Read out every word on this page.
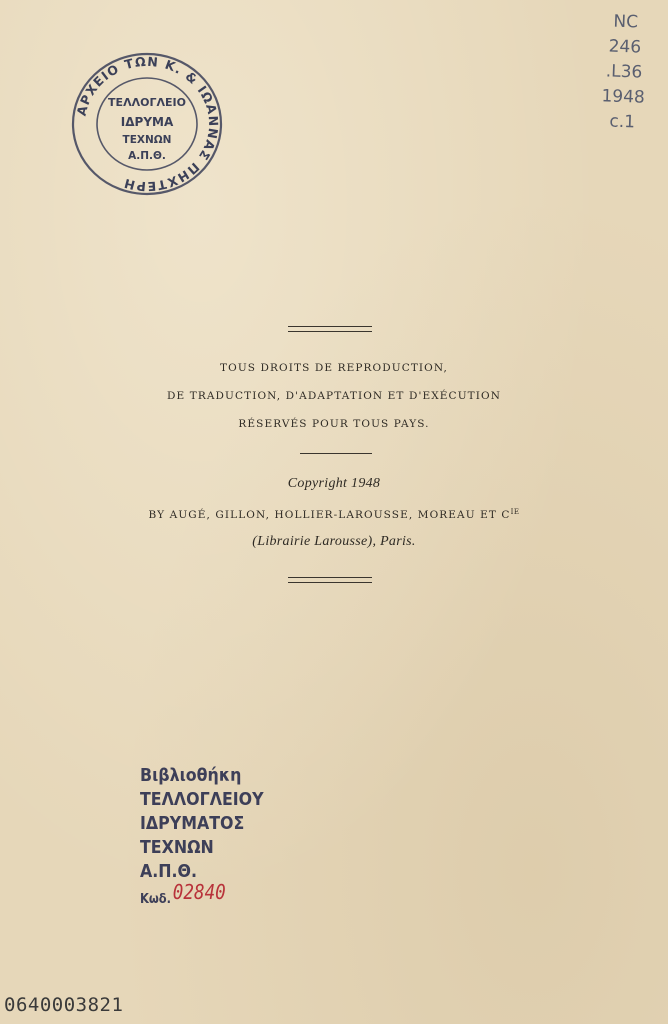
ΑΡΧΕΙΟ ΤΩΝ Κ. & ΙΩΑΝΝΑΣ ΠΗΧΤΕΡΗ
ΤΕΛΛΟΓΛΕΙΟ
ΙΔΡΥΜΑ
ΤΕΧΝΩΝ
Α.Π.Θ.
NC
246
.L36
1948
c.1
TOUS DROITS DE REPRODUCTION,
DE TRADUCTION, D'ADAPTATION ET D'EXÉCUTION
RÉSERVÉS POUR TOUS PAYS.
Copyright 1948
BY AUGÉ, GILLON, HOLLIER-LAROUSSE, MOREAU ET $C^{IE}$
(Librairie Larousse), Paris.
Βιβλιοθήκη
ΤΕΛΛΟΓΛΕΙΟΥ
ΙΔΡΥΜΑΤΟΣ
ΤΕΧΝΩΝ
Α.Π.Θ.
Κωδ.02840
0640003821
